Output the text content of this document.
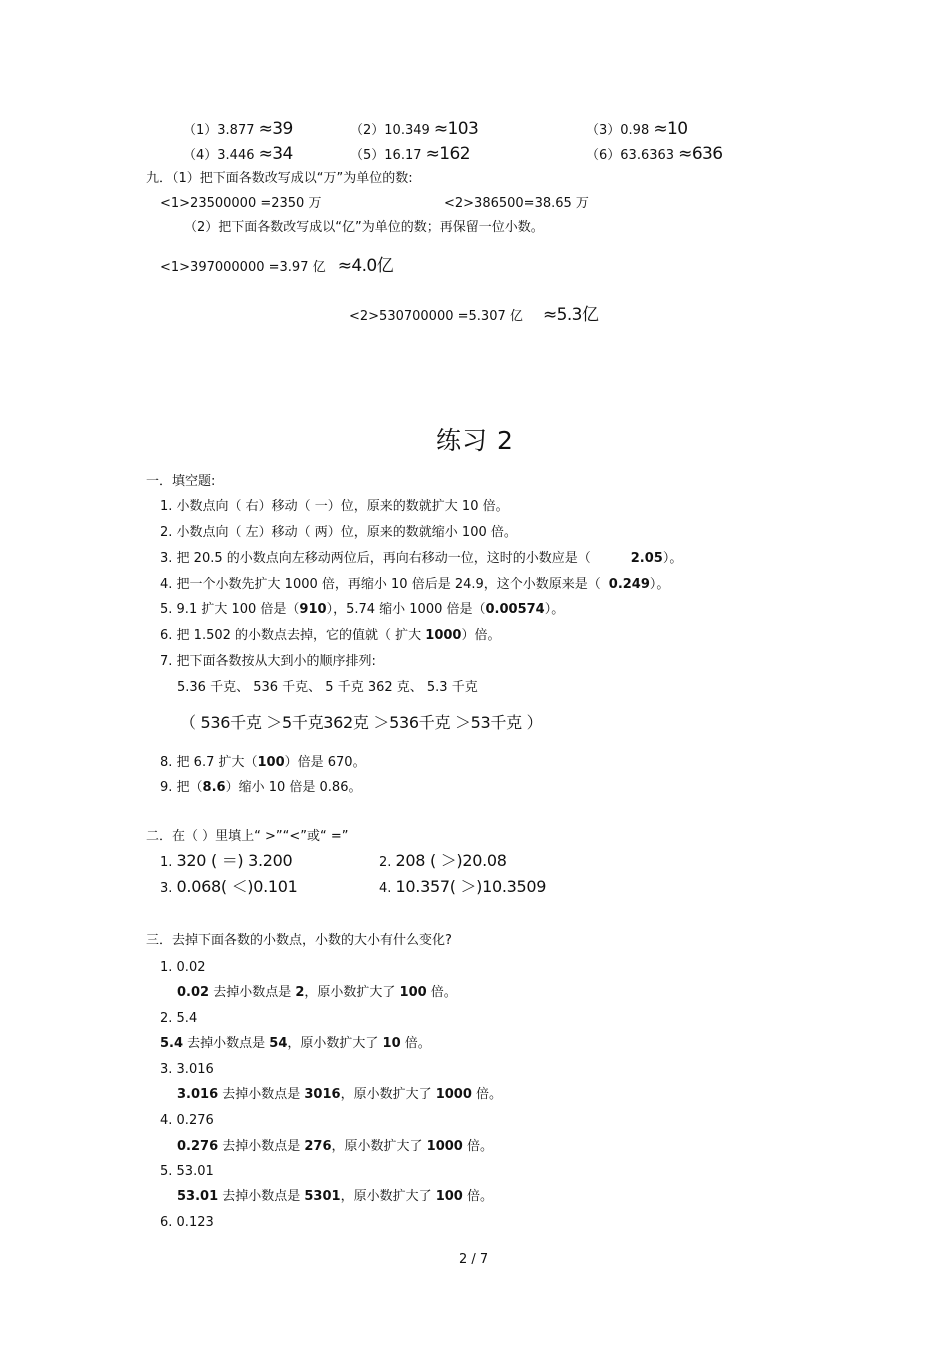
（1）3.877 ≈39	（2）10.349 ≈103	（3）0.98 ≈10
（4）3.446 ≈34	（5）16.17 ≈162	（6）63.6363 ≈636
九．（1）把下面各数改写成以“万”为单位的数:
<1>23500000 =2350 万	<2>386500=38.65 万
（2）把下面各数改写成以“亿”为单位的数；再保留一位小数。
<1>397000000 =3.97 亿 ≈4.0亿
<2>530700000 =5.307 亿 ≈5.3亿
练习 2
一．填空题:
1. 小数点向（ 右）移动（ 一）位，原来的数就扩大 10 倍。
2. 小数点向（ 左）移动（ 两）位，原来的数就缩小 100 倍。
3. 把 20.5 的小数点向左移动两位后，再向右移动一位，这时的小数应是（	2.05）。
4. 把一个小数先扩大 1000 倍，再缩小 10 倍后是 24.9，这个小数原来是（ 0.249）。
5. 9.1 扩大 100 倍是（910），5.74 缩小 1000 倍是（0.00574）。
6. 把 1.502 的小数点去掉，它的值就（ 扩大 1000）倍。
7. 把下面各数按从大到小的顺序排列:
5.36 千克、 536 千克、 5 千克 362 克、 5.3 千克
（ 536千克 ＞5千克362克 ＞536千克 ＞53千克 ）
8. 把 6.7 扩大（100）倍是 670。
9. 把（8.6）缩小 10 倍是 0.86。
二．在（ ）里填上“ >”“<”或“ =”
1. 320 ( ＝) 3.200	2. 208 ( ＞)20.08
3. 0.068( ＜)0.101	4. 10.357( ＞)10.3509
三．去掉下面各数的小数点，小数的大小有什么变化?
1. 0.02
0.02 去掉小数点是 2，原小数扩大了 100 倍。
2. 5.4
5.4 去掉小数点是 54，原小数扩大了 10 倍。
3. 3.016
3.016 去掉小数点是 3016，原小数扩大了 1000 倍。
4. 0.276
0.276 去掉小数点是 276，原小数扩大了 1000 倍。
5. 53.01
53.01 去掉小数点是 5301，原小数扩大了 100 倍。
6. 0.123
2 / 7
